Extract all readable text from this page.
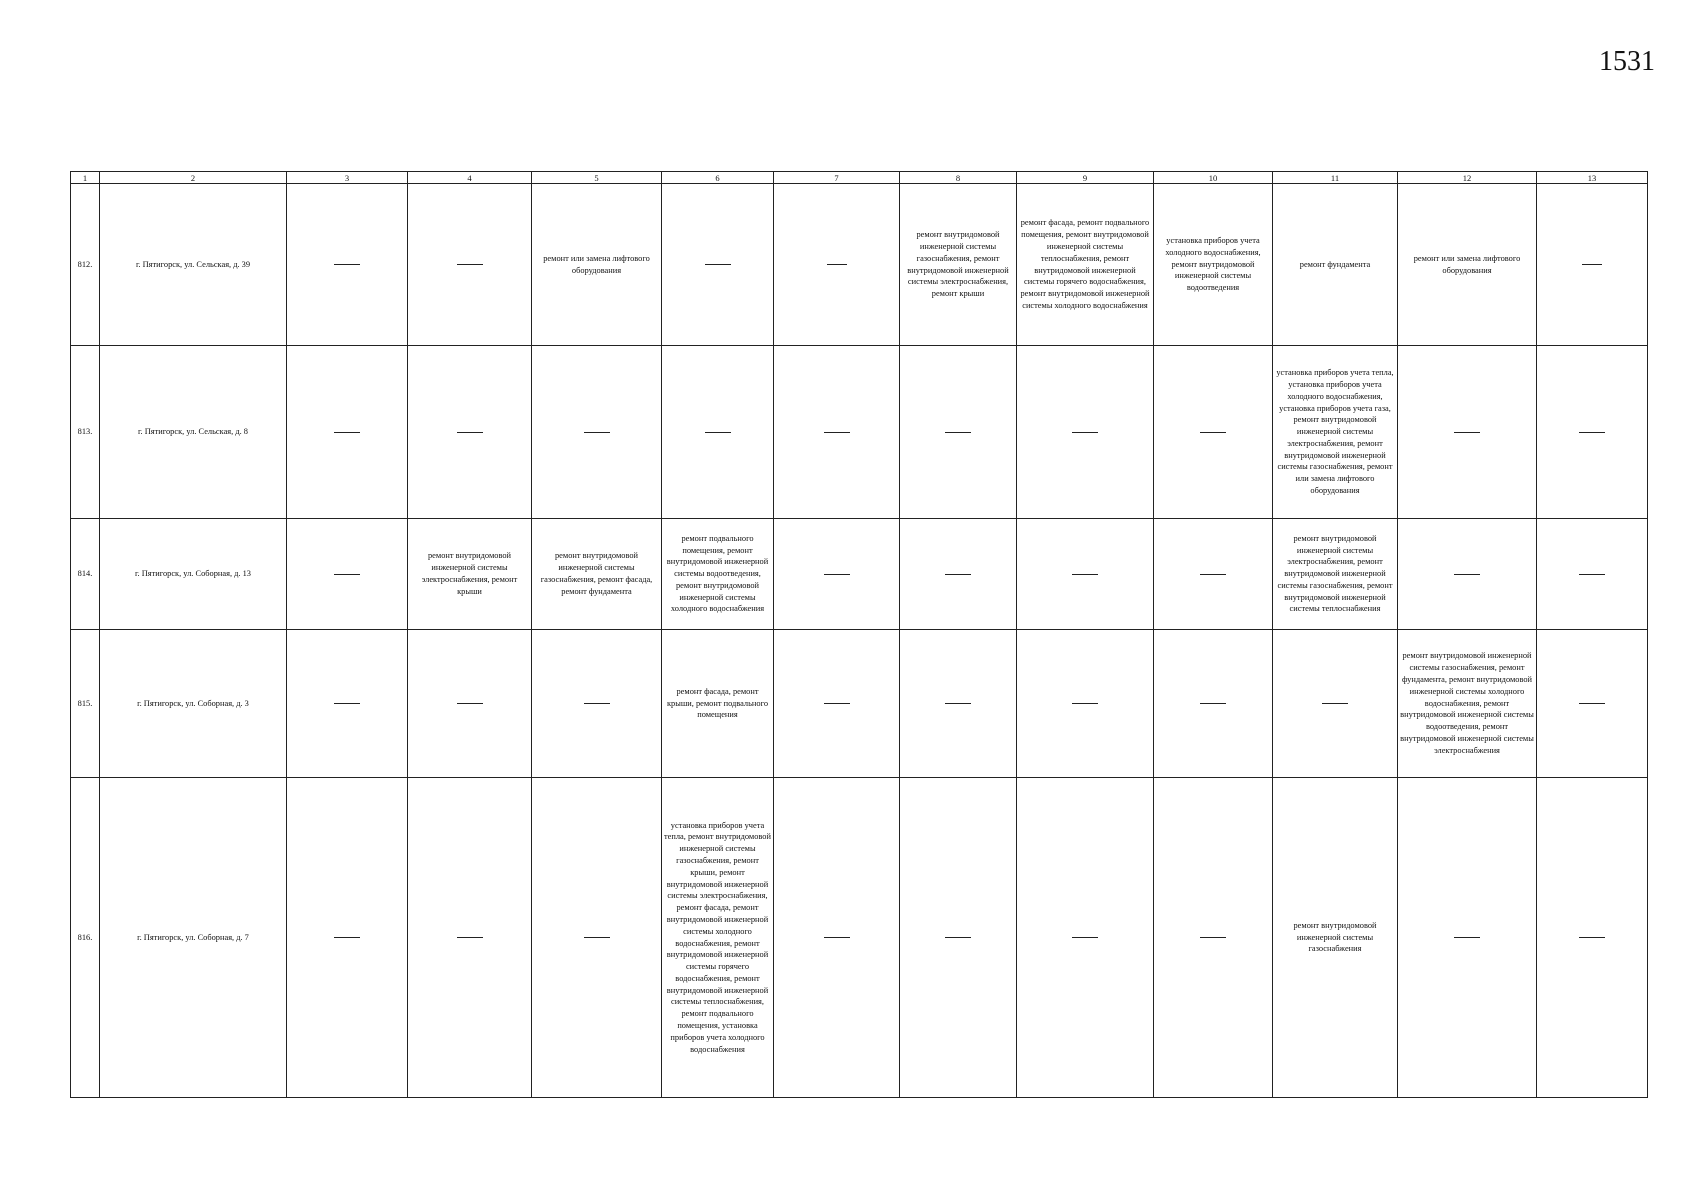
1531
1	2	3	4	5	6	7	8	9	10	11	12	13
812.	г. Пятигорск, ул. Сельская, д. 39			ремонт или замена лифтового оборудования			ремонт внутридомовой инженерной системы газоснабжения, ремонт внутридомовой инженерной системы электроснабжения, ремонт крыши	ремонт фасада, ремонт подвального помещения, ремонт внутридомовой инженерной системы теплоснабжения, ремонт внутридомовой инженерной системы горячего водоснабжения, ремонт внутридомовой инженерной системы холодного водоснабжения	установка приборов учета холодного водоснабжения, ремонт внутридомовой инженерной системы водоотведения	ремонт фундамента	ремонт или замена лифтового оборудования	
813.	г. Пятигорск, ул. Сельская, д. 8									установка приборов учета тепла, установка приборов учета холодного водоснабжения, установка приборов учета газа, ремонт внутридомовой инженерной системы электроснабжения, ремонт внутридомовой инженерной системы газоснабжения, ремонт или замена лифтового оборудования		
814.	г. Пятигорск, ул. Соборная, д. 13		ремонт внутридомовой инженерной системы электроснабжения, ремонт крыши	ремонт внутридомовой инженерной системы газоснабжения, ремонт фасада, ремонт фундамента	ремонт подвального помещения, ремонт внутридомовой инженерной системы водоотведения, ремонт внутридомовой инженерной системы холодного водоснабжения					ремонт внутридомовой инженерной системы электроснабжения, ремонт внутридомовой инженерной системы газоснабжения, ремонт внутридомовой инженерной системы теплоснабжения		
815.	г. Пятигорск, ул. Соборная, д. 3				ремонт фасада, ремонт крыши, ремонт подвального помещения						ремонт внутридомовой инженерной системы газоснабжения, ремонт фундамента, ремонт внутридомовой инженерной системы холодного водоснабжения, ремонт внутридомовой инженерной системы водоотведения, ремонт внутридомовой инженерной системы электроснабжения	
816.	г. Пятигорск, ул. Соборная, д. 7				установка приборов учета тепла, ремонт внутридомовой инженерной системы газоснабжения, ремонт крыши, ремонт внутридомовой инженерной системы электроснабжения, ремонт фасада, ремонт внутридомовой инженерной системы холодного водоснабжения, ремонт внутридомовой инженерной системы горячего водоснабжения, ремонт внутридомовой инженерной системы теплоснабжения, ремонт подвального помещения, установка приборов учета холодного водоснабжения					ремонт внутридомовой инженерной системы газоснабжения		
